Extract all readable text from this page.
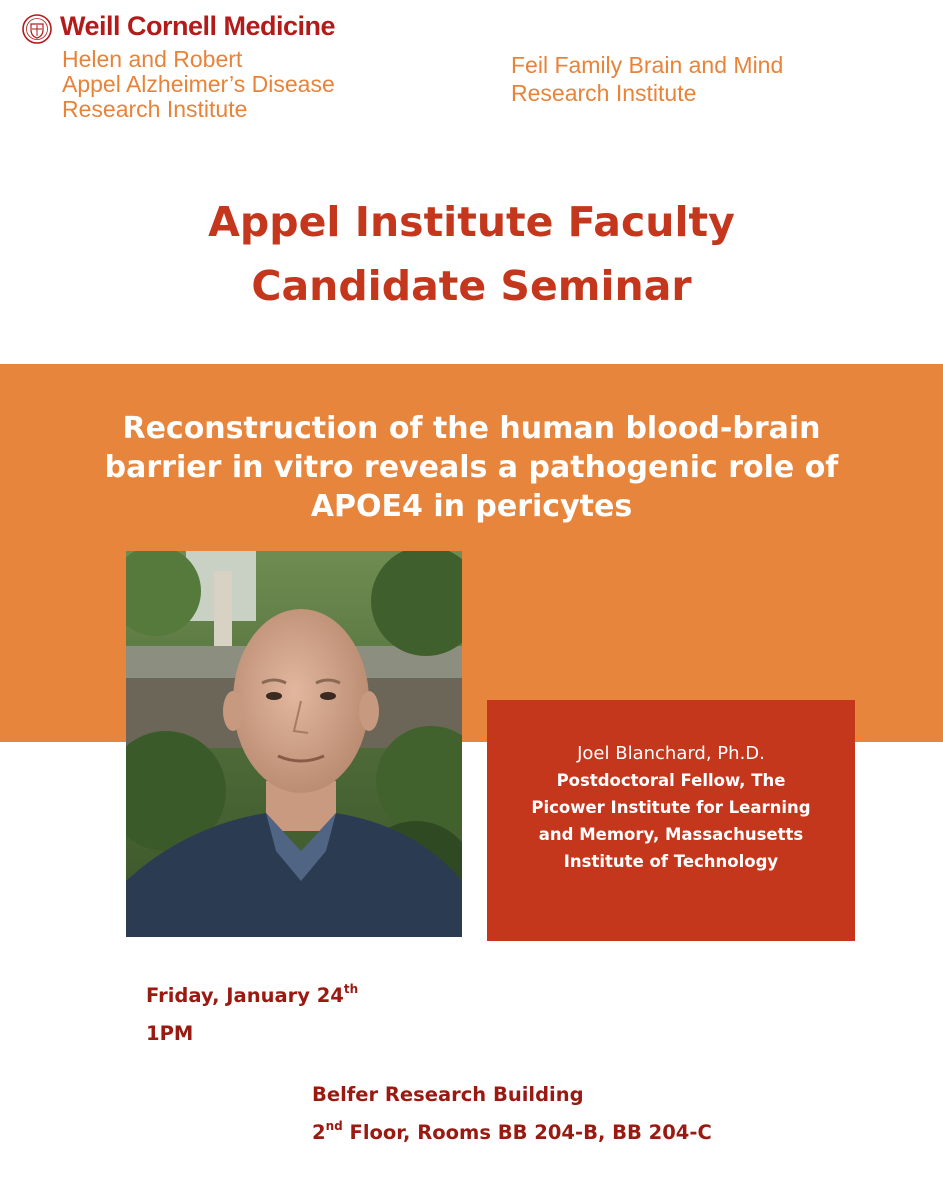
Weill Cornell Medicine
Helen and Robert
Appel Alzheimer’s Disease
Research Institute
Feil Family Brain and Mind
Research Institute
Appel Institute Faculty
Candidate Seminar
Reconstruction of the human blood-brain
barrier in vitro reveals a pathogenic role of
APOE4 in pericytes
Joel Blanchard, Ph.D.
Postdoctoral Fellow, The
Picower Institute for Learning
and Memory, Massachusetts
Institute of Technology
Friday, January 24th
1PM
Belfer Research Building
2nd Floor, Rooms BB 204-B, BB 204-C
